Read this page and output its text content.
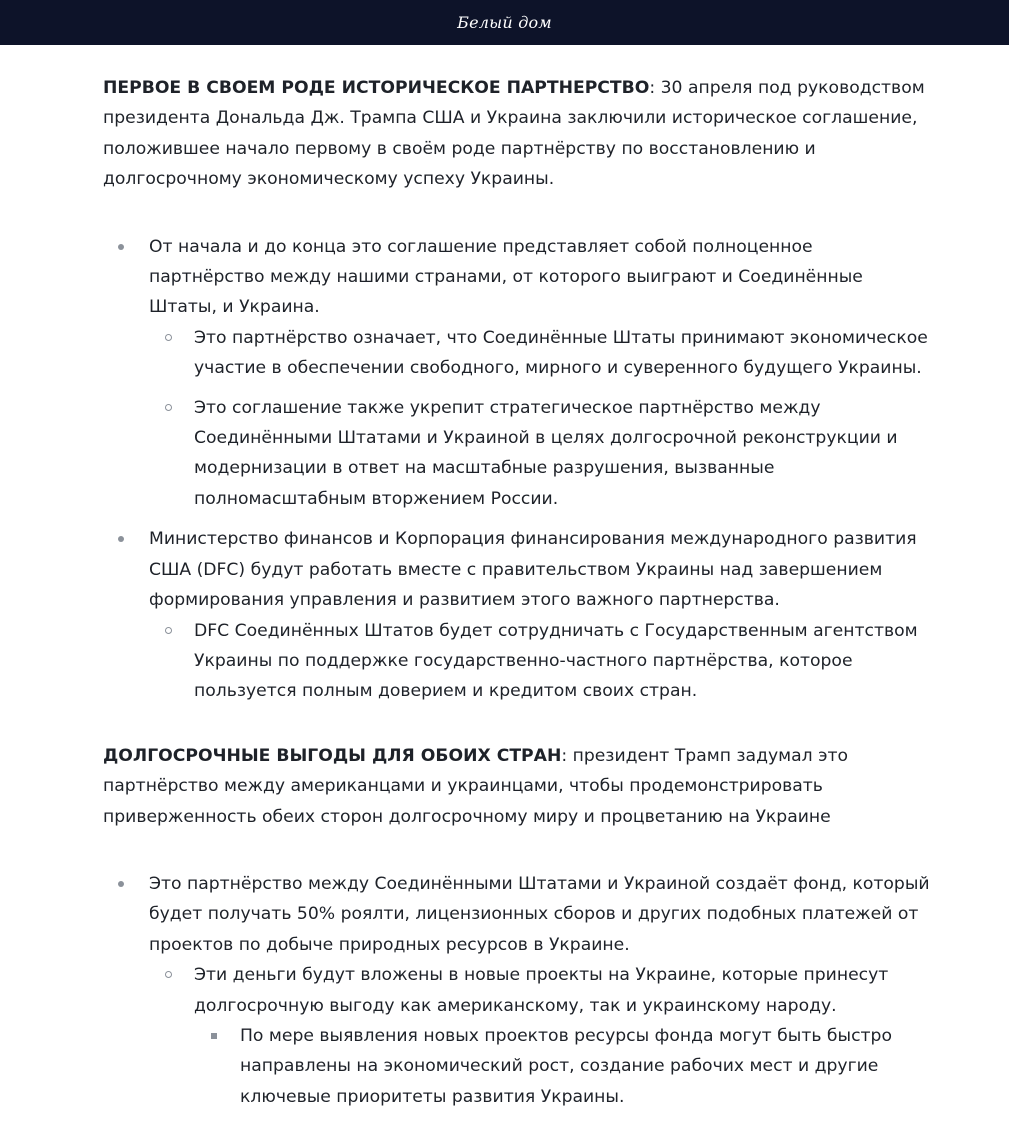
Белый дом

ПЕРВОЕ В СВОЕМ РОДЕ ИСТОРИЧЕСКОЕ ПАРТНЕРСТВО: 30 апреля под руководством президента Дональда Дж. Трампа США и Украина заключили историческое соглашение, положившее начало первому в своём роде партнёрству по восстановлению и долгосрочному экономическому успеху Украины.

От начала и до конца это соглашение представляет собой полноценное партнёрство между нашими странами, от которого выиграют и Соединённые Штаты, и Украина.
Это партнёрство означает, что Соединённые Штаты принимают экономическое участие в обеспечении свободного, мирного и суверенного будущего Украины.
Это соглашение также укрепит стратегическое партнёрство между Соединёнными Штатами и Украиной в целях долгосрочной реконструкции и модернизации в ответ на масштабные разрушения, вызванные полномасштабным вторжением России.
Министерство финансов и Корпорация финансирования международного развития США (DFC) будут работать вместе с правительством Украины над завершением формирования управления и развитием этого важного партнерства.
DFC Соединённых Штатов будет сотрудничать с Государственным агентством Украины по поддержке государственно-частного партнёрства, которое пользуется полным доверием и кредитом своих стран.

ДОЛГОСРОЧНЫЕ ВЫГОДЫ ДЛЯ ОБОИХ СТРАН: президент Трамп задумал это партнёрство между американцами и украинцами, чтобы продемонстрировать приверженность обеих сторон долгосрочному миру и процветанию на Украине

Это партнёрство между Соединёнными Штатами и Украиной создаёт фонд, который будет получать 50% роялти, лицензионных сборов и других подобных платежей от проектов по добыче природных ресурсов в Украине.
Эти деньги будут вложены в новые проекты на Украине, которые принесут долгосрочную выгоду как американскому, так и украинскому народу.
По мере выявления новых проектов ресурсы фонда могут быть быстро направлены на экономический рост, создание рабочих мест и другие ключевые приоритеты развития Украины.
